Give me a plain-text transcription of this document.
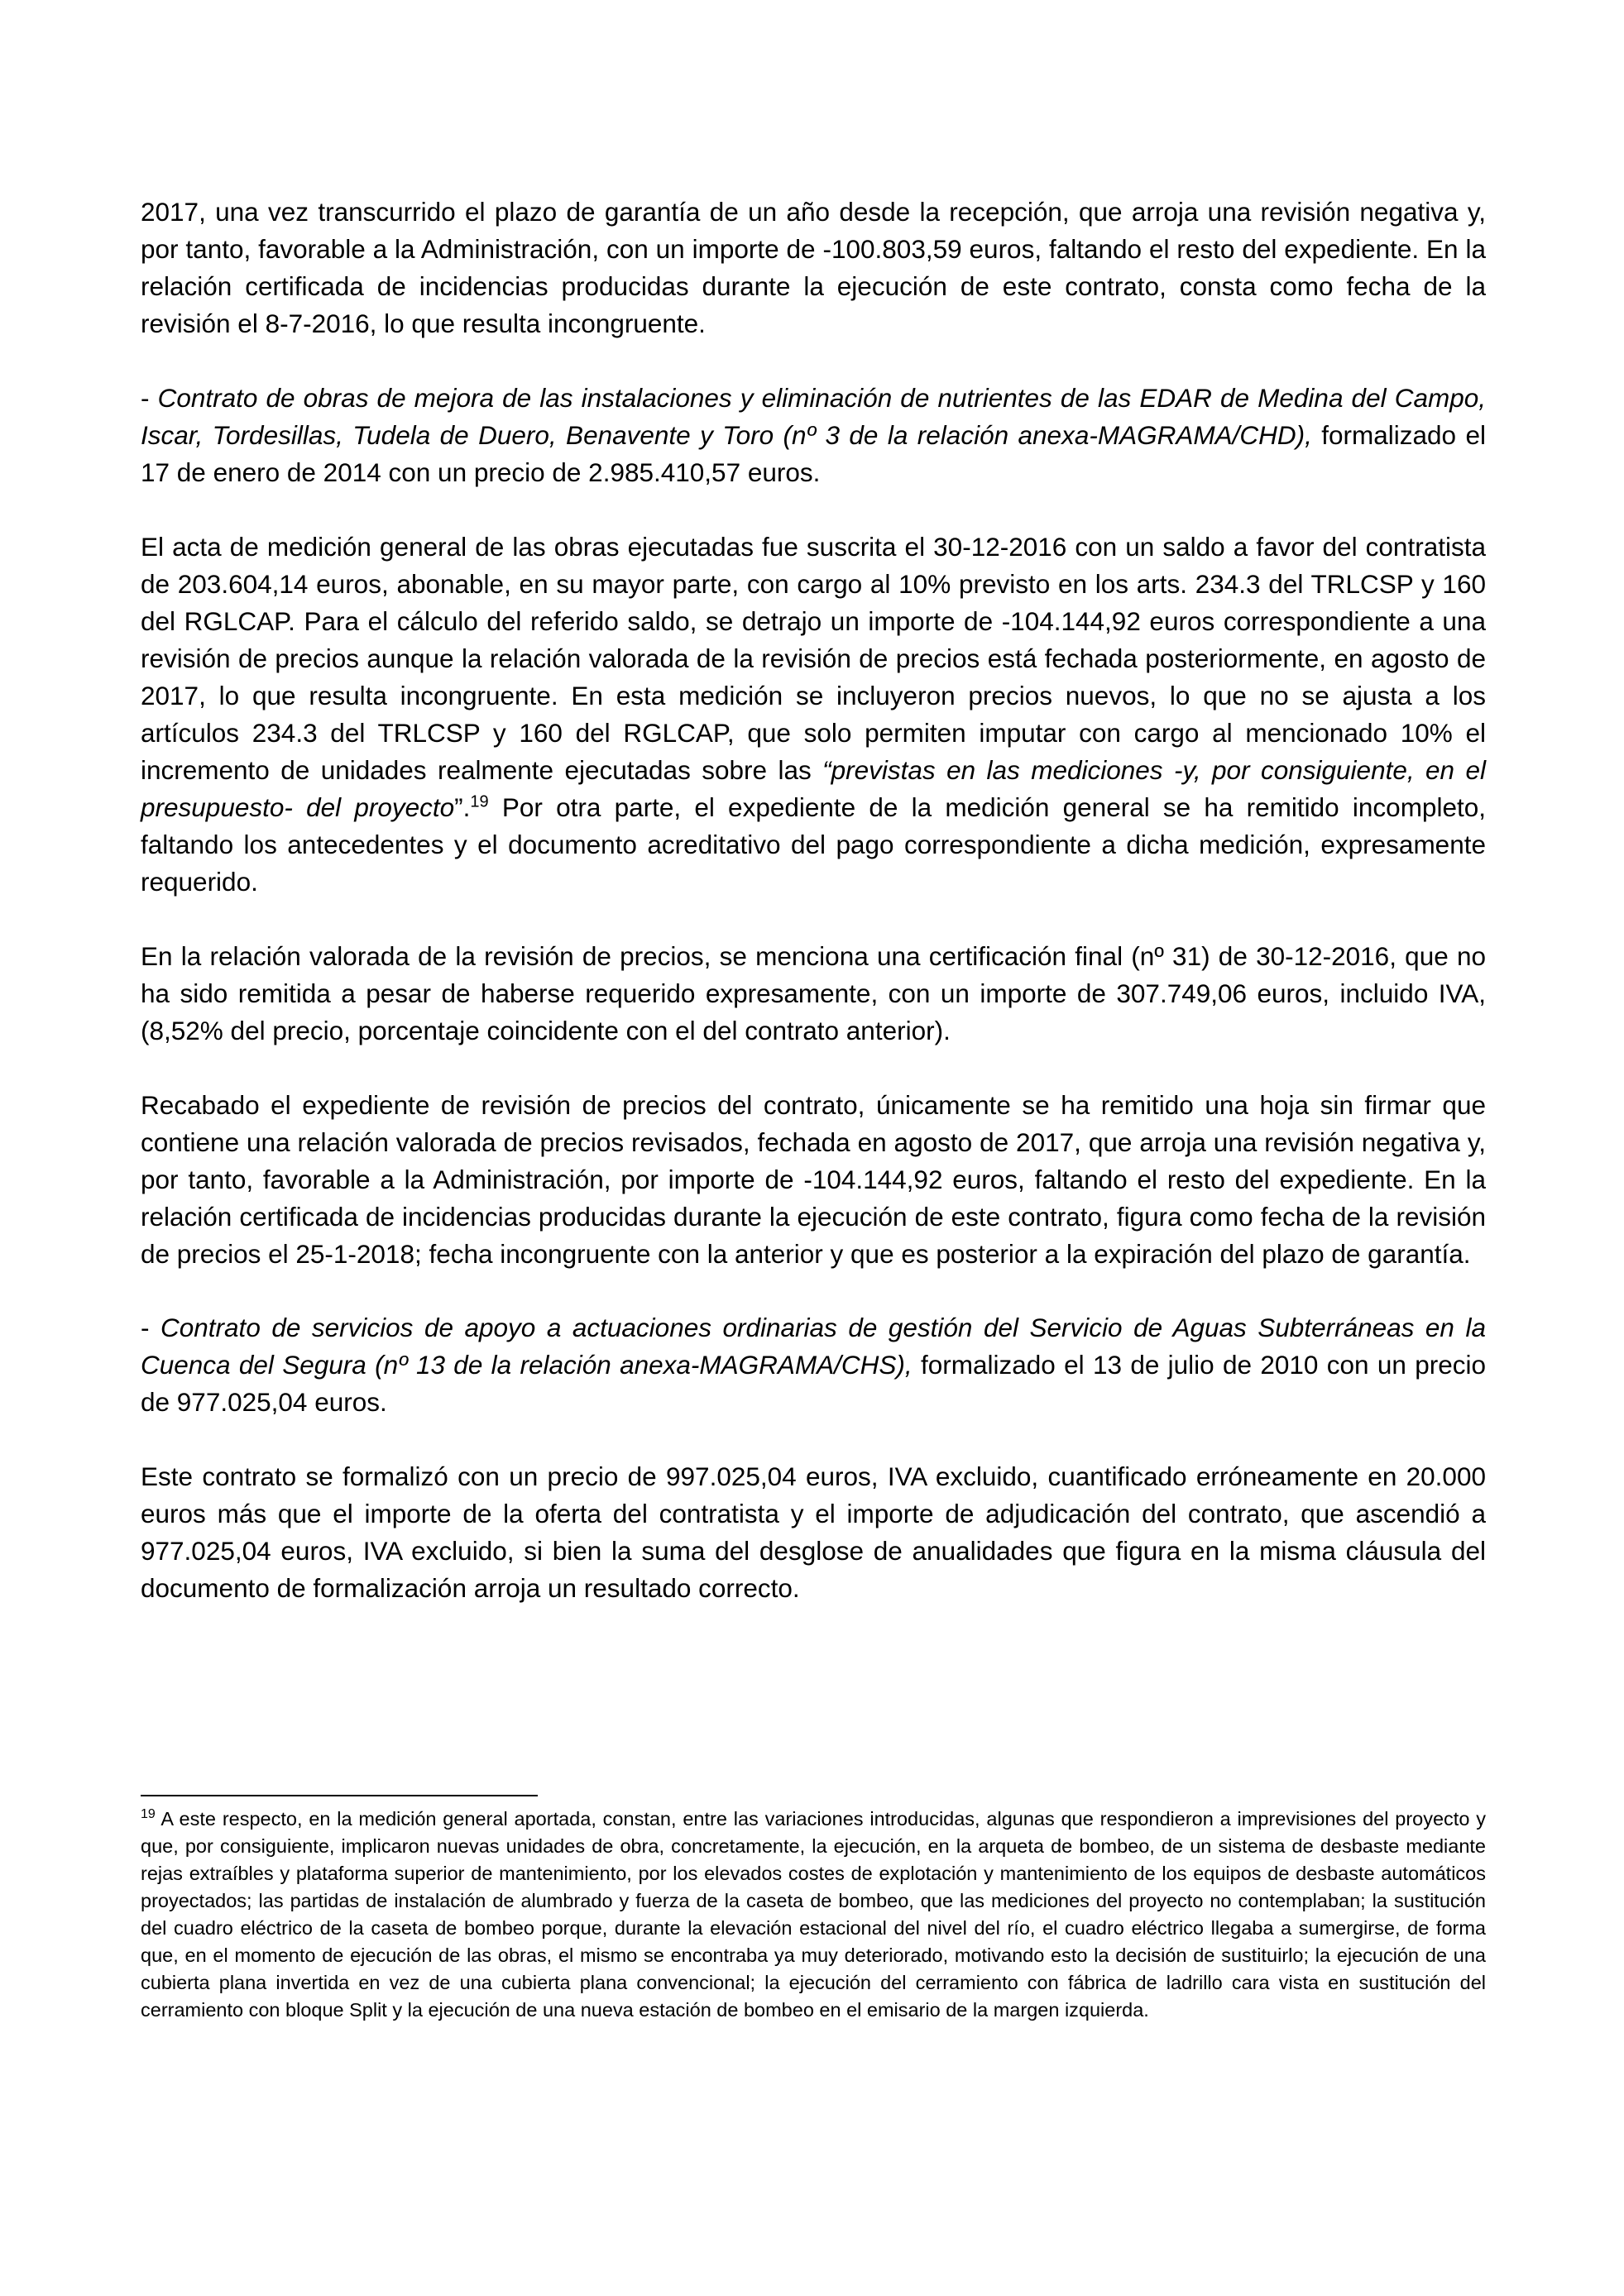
2017, una vez transcurrido el plazo de garantía de un año desde la recepción, que arroja una revisión negativa y, por tanto, favorable a la Administración, con un importe de -100.803,59 euros, faltando el resto del expediente. En la relación certificada de incidencias producidas durante la ejecución de este contrato, consta como fecha de la revisión el 8-7-2016, lo que resulta incongruente.

- Contrato de obras de mejora de las instalaciones y eliminación de nutrientes de las EDAR de Medina del Campo, Iscar, Tordesillas, Tudela de Duero, Benavente y Toro (nº 3 de la relación anexa-MAGRAMA/CHD), formalizado el 17 de enero de 2014 con un precio de 2.985.410,57 euros.

El acta de medición general de las obras ejecutadas fue suscrita el 30-12-2016 con un saldo a favor del contratista de 203.604,14 euros, abonable, en su mayor parte, con cargo al 10% previsto en los arts. 234.3 del TRLCSP y 160 del RGLCAP. Para el cálculo del referido saldo, se detrajo un importe de -104.144,92 euros correspondiente a una revisión de precios aunque la relación valorada de la revisión de precios está fechada posteriormente, en agosto de 2017, lo que resulta incongruente. En esta medición se incluyeron precios nuevos, lo que no se ajusta a los artículos 234.3 del TRLCSP y 160 del RGLCAP, que solo permiten imputar con cargo al mencionado 10% el incremento de unidades realmente ejecutadas sobre las “previstas en las mediciones -y, por consiguiente, en el presupuesto- del proyecto”.$^{19}$ Por otra parte, el expediente de la medición general se ha remitido incompleto, faltando los antecedentes y el documento acreditativo del pago correspondiente a dicha medición, expresamente requerido.

En la relación valorada de la revisión de precios, se menciona una certificación final (nº 31) de 30-12-2016, que no ha sido remitida a pesar de haberse requerido expresamente, con un importe de 307.749,06 euros, incluido IVA, (8,52% del precio, porcentaje coincidente con el del contrato anterior).

Recabado el expediente de revisión de precios del contrato, únicamente se ha remitido una hoja sin firmar que contiene una relación valorada de precios revisados, fechada en agosto de 2017, que arroja una revisión negativa y, por tanto, favorable a la Administración, por importe de -104.144,92 euros, faltando el resto del expediente. En la relación certificada de incidencias producidas durante la ejecución de este contrato, figura como fecha de la revisión de precios el 25-1-2018; fecha incongruente con la anterior y que es posterior a la expiración del plazo de garantía.

- Contrato de servicios de apoyo a actuaciones ordinarias de gestión del Servicio de Aguas Subterráneas en la Cuenca del Segura (nº 13 de la relación anexa-MAGRAMA/CHS), formalizado el 13 de julio de 2010 con un precio de 977.025,04 euros.

Este contrato se formalizó con un precio de 997.025,04 euros, IVA excluido, cuantificado erróneamente en 20.000 euros más que el importe de la oferta del contratista y el importe de adjudicación del contrato, que ascendió a 977.025,04 euros, IVA excluido, si bien la suma del desglose de anualidades que figura en la misma cláusula del documento de formalización arroja un resultado correcto.

$^{19}$ A este respecto, en la medición general aportada, constan, entre las variaciones introducidas, algunas que respondieron a imprevisiones del proyecto y que, por consiguiente, implicaron nuevas unidades de obra, concretamente, la ejecución, en la arqueta de bombeo, de un sistema de desbaste mediante rejas extraíbles y plataforma superior de mantenimiento, por los elevados costes de explotación y mantenimiento de los equipos de desbaste automáticos proyectados; las partidas de instalación de alumbrado y fuerza de la caseta de bombeo, que las mediciones del proyecto no contemplaban; la sustitución del cuadro eléctrico de la caseta de bombeo porque, durante la elevación estacional del nivel del río, el cuadro eléctrico llegaba a sumergirse, de forma que, en el momento de ejecución de las obras, el mismo se encontraba ya muy deteriorado, motivando esto la decisión de sustituirlo; la ejecución de una cubierta plana invertida en vez de una cubierta plana convencional; la ejecución del cerramiento con fábrica de ladrillo cara vista en sustitución del cerramiento con bloque Split y la ejecución de una nueva estación de bombeo en el emisario de la margen izquierda.
